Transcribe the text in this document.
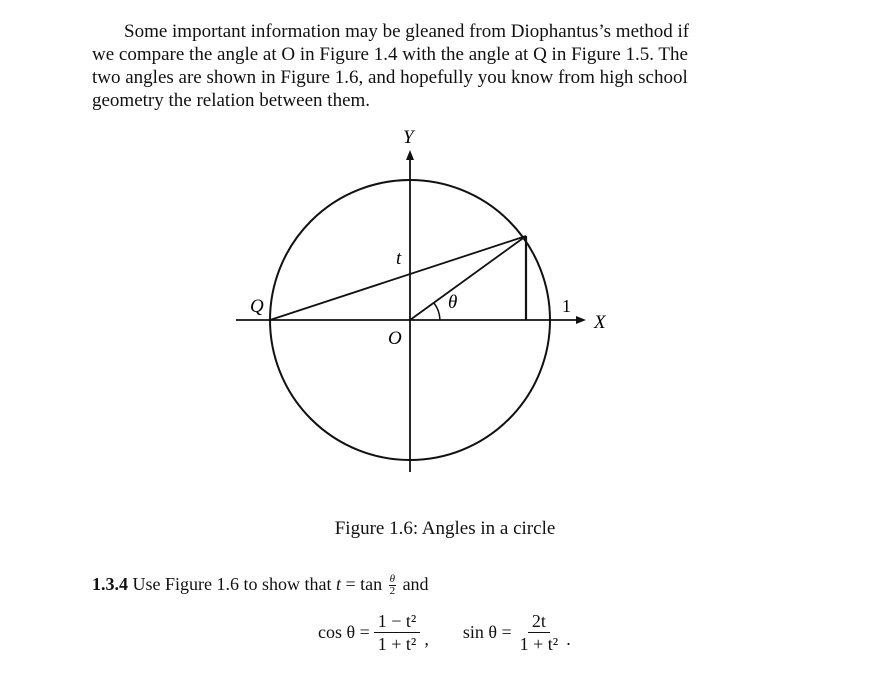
Some important information may be gleaned from Diophantus’s method if
we compare the angle at O in Figure 1.4 with the angle at Q in Figure 1.5. The
two angles are shown in Figure 1.6, and hopefully you know from high school
geometry the relation between them.
Y
X
t
θ	1
Q
O
Figure 1.6: Angles in a circle
1.3.4 Use Figure 1.6 to show that $t = \tan \frac{\theta}{2}$ and
$\cos \theta = \frac{\text{1 − t²}}{\text{1 + t²}}$ , $\sin \theta = \frac{2t}{\text{1 + t²}}$ .
